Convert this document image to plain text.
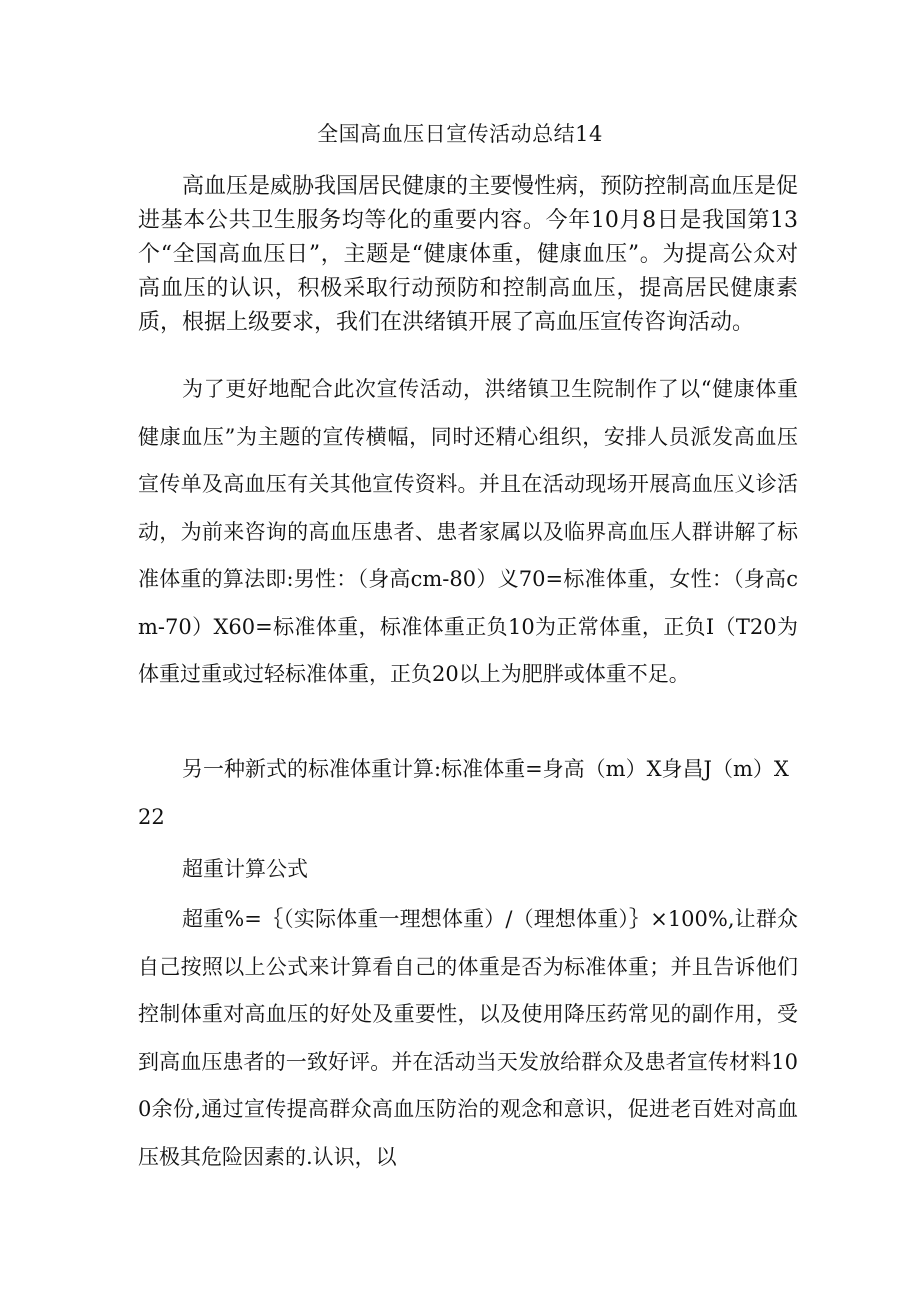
全国高血压日宣传活动总结14

高血压是威胁我国居民健康的主要慢性病，预防控制高血压是促进基本公共卫生服务均等化的重要内容。今年10月8日是我国第13个“全国高血压日”，主题是“健康体重，健康血压”。为提高公众对高血压的认识，积极采取行动预防和控制高血压，提高居民健康素质，根据上级要求，我们在洪绪镇开展了高血压宣传咨询活动。

为了更好地配合此次宣传活动，洪绪镇卫生院制作了以“健康体重健康血压”为主题的宣传横幅，同时还精心组织，安排人员派发高血压宣传单及高血压有关其他宣传资料。并且在活动现场开展高血压义诊活动，为前来咨询的高血压患者、患者家属以及临界高血压人群讲解了标准体重的算法即:男性：（身高cm-80）义70=标准体重，女性：（身高cm-70）X60=标准体重，标准体重正负10为正常体重，正负I（T20为体重过重或过轻标准体重，正负20以上为肥胖或体重不足。

另一种新式的标准体重计算:标准体重=身高（m）X身昌J（m）X22

超重计算公式

超重%=｛（实际体重一理想体重）/（理想体重）｝×100%,让群众自己按照以上公式来计算看自己的体重是否为标准体重；并且告诉他们控制体重对高血压的好处及重要性，以及使用降压药常见的副作用，受到高血压患者的一致好评。并在活动当天发放给群众及患者宣传材料100余份,通过宣传提高群众高血压防治的观念和意识，促进老百姓对高血压极其危险因素的.认识，以
